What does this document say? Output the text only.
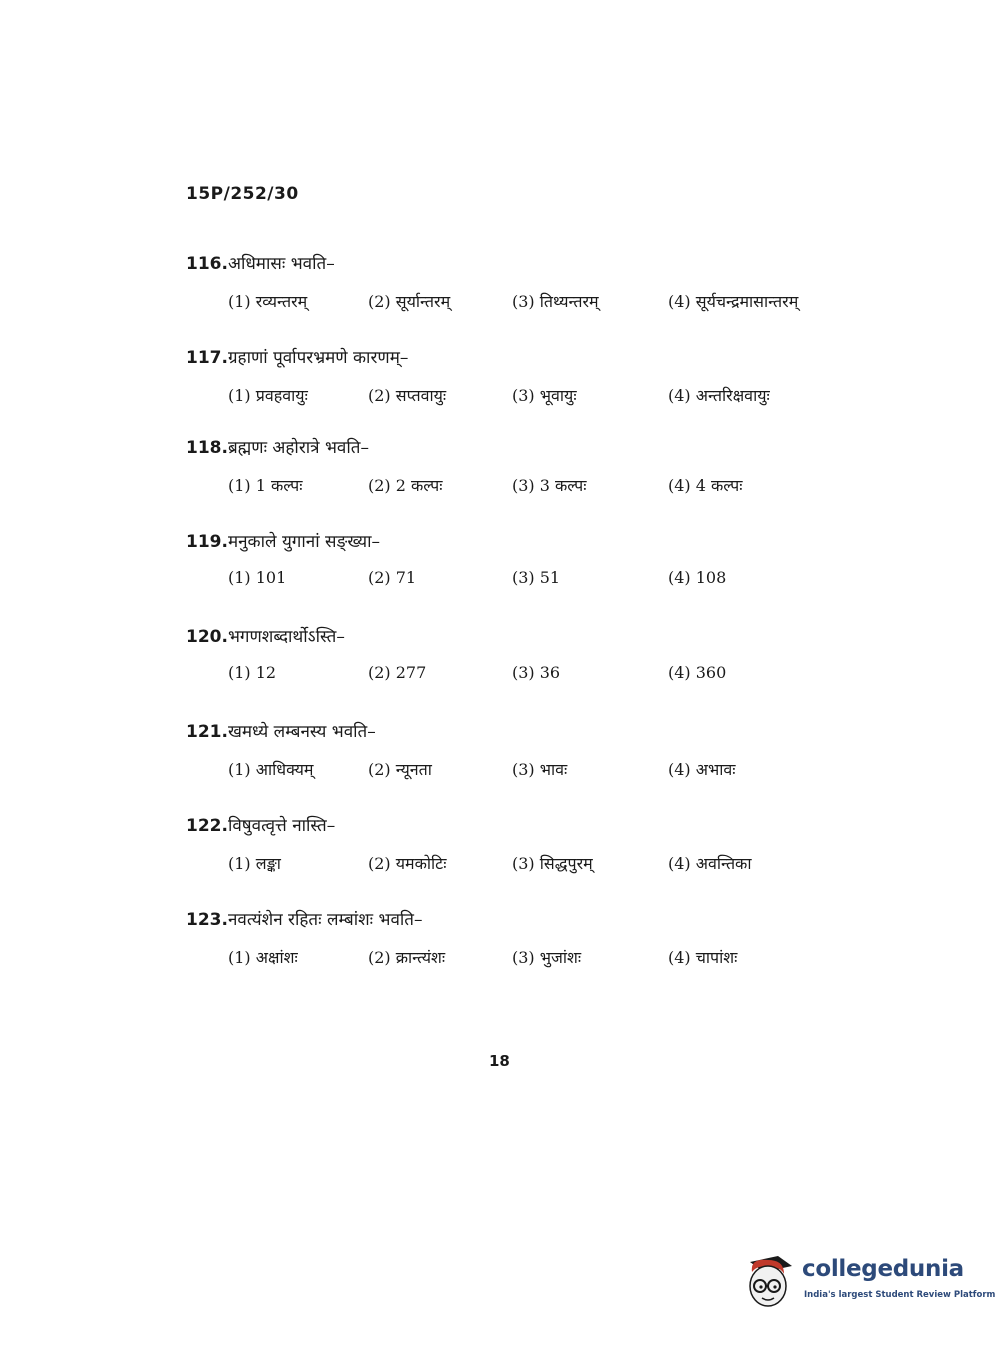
15P/252/30
116.अधिमासः भवति–
(1) रव्यन्तरम्	(2) सूर्यान्तरम्	(3) तिथ्यन्तरम्	(4) सूर्यचन्द्रमासान्तरम्
117.ग्रहाणां पूर्वापरभ्रमणे कारणम्–
(1) प्रवहवायुः	(2) सप्तवायुः	(3) भूवायुः	(4) अन्तरिक्षवायुः
118.ब्रह्मणः अहोरात्रे भवति–
(1) 1 कल्पः	(2) 2 कल्पः	(3) 3 कल्पः	(4) 4 कल्पः
119.मनुकाले युगानां सङ्ख्या–
(1) 101	(2) 71	(3) 51	(4) 108
120.भगणशब्दार्थोऽस्ति–
(1) 12	(2) 277	(3) 36	(4) 360
121.खमध्ये लम्बनस्य भवति–
(1) आधिक्यम्	(2) न्यूनता	(3) भावः	(4) अभावः
122.विषुवत्वृत्ते नास्ति–
(1) लङ्का	(2) यमकोटिः	(3) सिद्धपुरम्	(4) अवन्तिका
123.नवत्यंशेन रहितः लम्बांशः भवति–
(1) अक्षांशः	(2) क्रान्त्यंशः	(3) भुजांशः	(4) चापांशः
18
collegedunia
India's largest Student Review Platform
